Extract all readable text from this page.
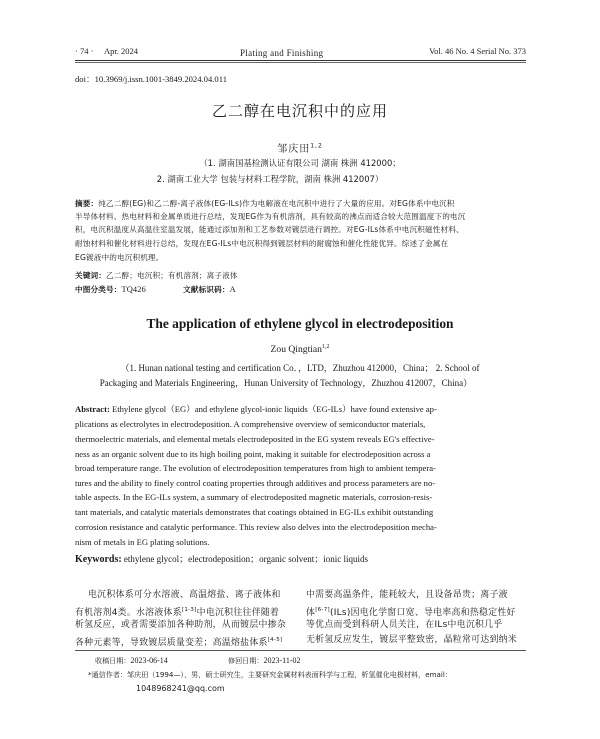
· 74 · Apr. 2024	Plating and Finishing	Vol. 46 No. 4 Serial No. 373
doi：10.3969/j.issn.1001-3849.2024.04.011
乙二醇在电沉积中的应用
邹庆田$^{1,2}$
（1. 湖南国基检测认证有限公司 湖南 株洲 412000；
2. 湖南工业大学 包装与材料工程学院，湖南 株洲 412007）
摘要：纯乙二醇(EG)和乙二醇-离子液体(EG-ILs)作为电解液在电沉积中进行了大量的应用。对EG体系中电沉积
半导体材料、热电材料和金属单质进行总结，发现EG作为有机溶剂，具有较高的沸点而适合较大范围温度下的电沉
积，电沉积温度从高温往室温发展，能通过添加剂和工艺参数对镀层进行调控。对EG-ILs体系中电沉积磁性材料、
耐蚀材料和催化材料进行总结，发现在EG-ILs中电沉积得到镀层材料的耐腐蚀和催化性能优异。综述了金属在
EG镀液中的电沉积机理。
关键词：乙二醇；电沉积；有机溶剂；离子液体
中图分类号：TQ426	文献标识码：A
The application of ethylene glycol in electrodeposition
Zou Qingtian$^{1,2}$
（1. Hunan national testing and certification Co．，LTD，Zhuzhou 412000，China； 2. School of
Packaging and Materials Engineering，Hunan University of Technology，Zhuzhou 412007，China）
Abstract: Ethylene glycol（EG）and ethylene glycol-ionic liquids（EG-ILs）have found extensive ap-
plications as electrolytes in electrodeposition. A comprehensive overview of semiconductor materials,
thermoelectric materials, and elemental metals electrodeposited in the EG system reveals EG's effective-
ness as an organic solvent due to its high boiling point, making it suitable for electrodeposition across a
broad temperature range. The evolution of electrodeposition temperatures from high to ambient tempera-
tures and the ability to finely control coating properties through additives and process parameters are no-
table aspects. In the EG-ILs system, a summary of electrodeposited magnetic materials, corrosion-resis-
tant materials, and catalytic materials demonstrates that coatings obtained in EG-ILs exhibit outstanding
corrosion resistance and catalytic performance. This review also delves into the electrodeposition mecha-
nism of metals in EG plating solutions.
Keywords: ethylene glycol；electrodeposition；organic solvent；ionic liquids
电沉积体系可分水溶液、高温熔盐、离子液体和
有机溶剂4类。水溶液体系[1-3]中电沉积往往伴随着
析氢反应，或者需要添加各种助剂，从而镀层中掺杂
各种元素等，导致镀层质量变差；高温熔盐体系[4-5]
中需要高温条件，能耗较大，且设备昂贵；离子液
体[6-7](ILs)因电化学窗口宽、导电率高和热稳定性好
等优点而受到科研人员关注，在ILs中电沉积几乎
无析氢反应发生，镀层平整致密，晶粒常可达到纳米
收稿日期：2023-06-14	修回日期：2023-11-02
*通信作者：邹庆田（1994—），男，硕士研究生，主要研究金属材料表面科学与工程，析氢催化电极材料，email：
1048968241@qq.com
